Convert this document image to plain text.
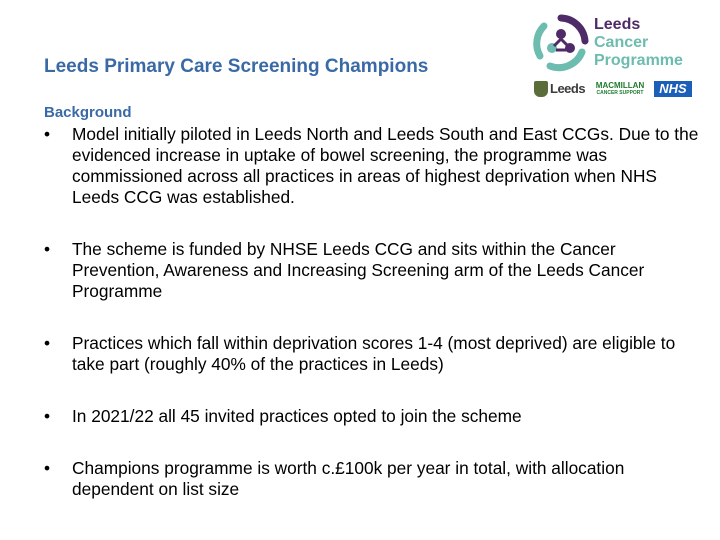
Leeds Primary Care Screening Champions
Leeds
Cancer
Programme
Leeds MACMILLAN
CANCER SUPPORT	NHS
Background
• Model initially piloted in Leeds North and Leeds South and East CCGs. Due to the evidenced increase in uptake of bowel screening, the programme was commissioned across all practices in areas of highest deprivation when NHS Leeds CCG was established.
• The scheme is funded by NHSE Leeds CCG and sits within the Cancer Prevention, Awareness and Increasing Screening arm of the Leeds Cancer Programme
• Practices which fall within deprivation scores 1-4 (most deprived) are eligible to take part (roughly 40% of the practices in Leeds)
• In 2021/22 all 45 invited practices opted to join the scheme
• Champions programme is worth c.£100k per year in total, with allocation dependent on list size
